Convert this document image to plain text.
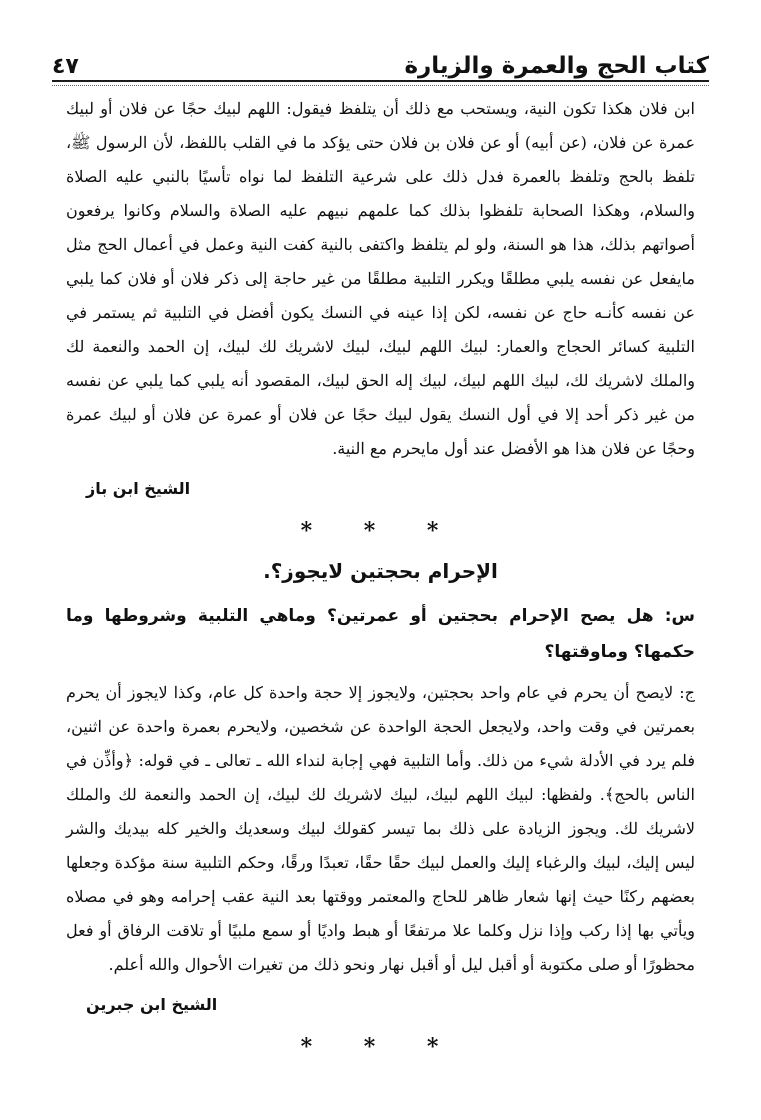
كتاب الحج والعمرة والزيارة
٤٧

ابن فلان هكذا تكون النية، ويستحب مع ذلك أن يتلفظ فيقول: اللهم لبيك حجًا عن فلان أو لبيك عمرة عن فلان، (عن أبيه) أو عن فلان بن فلان حتى يؤكد ما في القلب باللفظ، لأن الرسول ﷺ، تلفظ بالحج وتلفظ بالعمرة فدل ذلك على شرعية التلفظ لما نواه تأسيًا بالنبي عليه الصلاة والسلام، وهكذا الصحابة تلفظوا بذلك كما علمهم نبيهم عليه الصلاة والسلام وكانوا يرفعون أصواتهم بذلك، هذا هو السنة، ولو لم يتلفظ واكتفى بالنية كفت النية وعمل في أعمال الحج مثل مايفعل عن نفسه يلبي مطلقًا ويكرر التلبية مطلقًا من غير حاجة إلى ذكر فلان أو فلان كما يلبي عن نفسه كأنـه حاج عن نفسه، لكن إذا عينه في النسك يكون أفضل في التلبية ثم يستمر في التلبية كسائر الحجاج والعمار: لبيك اللهم لبيك، لبيك لاشريك لك لبيك، إن الحمد والنعمة لك والملك لاشريك لك، لبيك اللهم لبيك، لبيك إله الحق لبيك، المقصود أنه يلبي كما يلبي عن نفسه من غير ذكر أحد إلا في أول النسك يقول لبيك حجًا عن فلان أو عمرة عن فلان أو لبيك عمرة وحجًا عن فلان هذا هو الأفضل عند أول مايحرم مع النية.

الشيخ ابن باز
* * *
الإحرام بحجتين لايجوز؟.

س: هل يصح الإحرام بحجتين أو عمرتين؟ وماهي التلبية وشروطها وما حكمها؟ وماوقتها؟

ج: لايصح أن يحرم في عام واحد بحجتين، ولايجوز إلا حجة واحدة كل عام، وكذا لايجوز أن يحرم بعمرتين في وقت واحد، ولايجعل الحجة الواحدة عن شخصين، ولايحرم بعمرة واحدة عن اثنين، فلم يرد في الأدلة شيء من ذلك. وأما التلبية فهي إجابة لنداء الله ـ تعالى ـ في قوله: ﴿وأذِّن في الناس بالحج﴾. ولفظها: لبيك اللهم لبيك، لبيك لاشريك لك لبيك، إن الحمد والنعمة لك والملك لاشريك لك. ويجوز الزيادة على ذلك بما تيسر كقولك لبيك وسعديك والخير كله بيديك والشر ليس إليك، لبيك والرغباء إليك والعمل لبيك حقًا حقًا، تعبدًا ورقًا، وحكم التلبية سنة مؤكدة وجعلها بعضهم ركنًا حيث إنها شعار ظاهر للحاج والمعتمر ووقتها بعد النية عقب إحرامه وهو في مصلاه ويأتي بها إذا ركب وإذا نزل وكلما علا مرتفعًا أو هبط واديًا أو سمع ملبيًا أو تلاقت الرفاق أو فعل محظورًا أو صلى مكتوبة أو أقبل ليل أو أقبل نهار ونحو ذلك من تغيرات الأحوال والله أعلم.

الشيخ ابن جبرين
* * *
